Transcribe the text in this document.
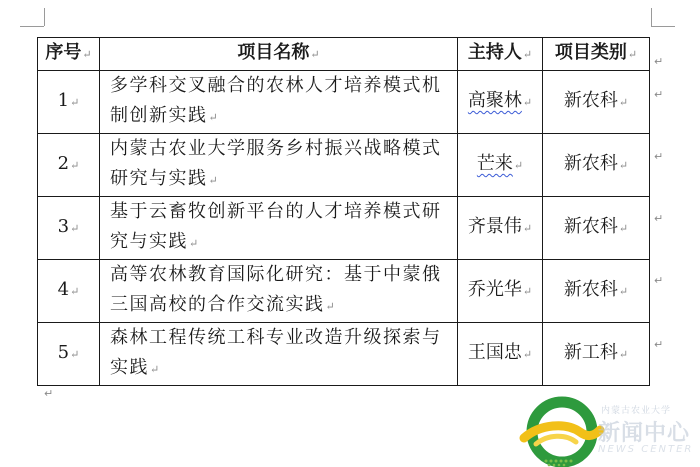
序号↵	项目名称↵	主持人↵	项目类别↵
1↵	多学科交叉融合的农林人才培养模式机制创新实践↵	高聚林↵	新农科↵
2↵	内蒙古农业大学服务乡村振兴战略模式研究与实践↵	芒来↵	新农科↵
3↵	基于云畜牧创新平台的人才培养模式研究与实践↵	齐景伟↵	新农科↵
4↵	高等农林教育国际化研究：基于中蒙俄三国高校的合作交流实践↵	乔光华↵	新农科↵
5↵	森林工程传统工科专业改造升级探索与实践↵	王国忠↵	新工科↵
↵
↵
↵
↵
↵
↵
↵
内蒙古农业大学
新闻中心
NEWS CENTER
